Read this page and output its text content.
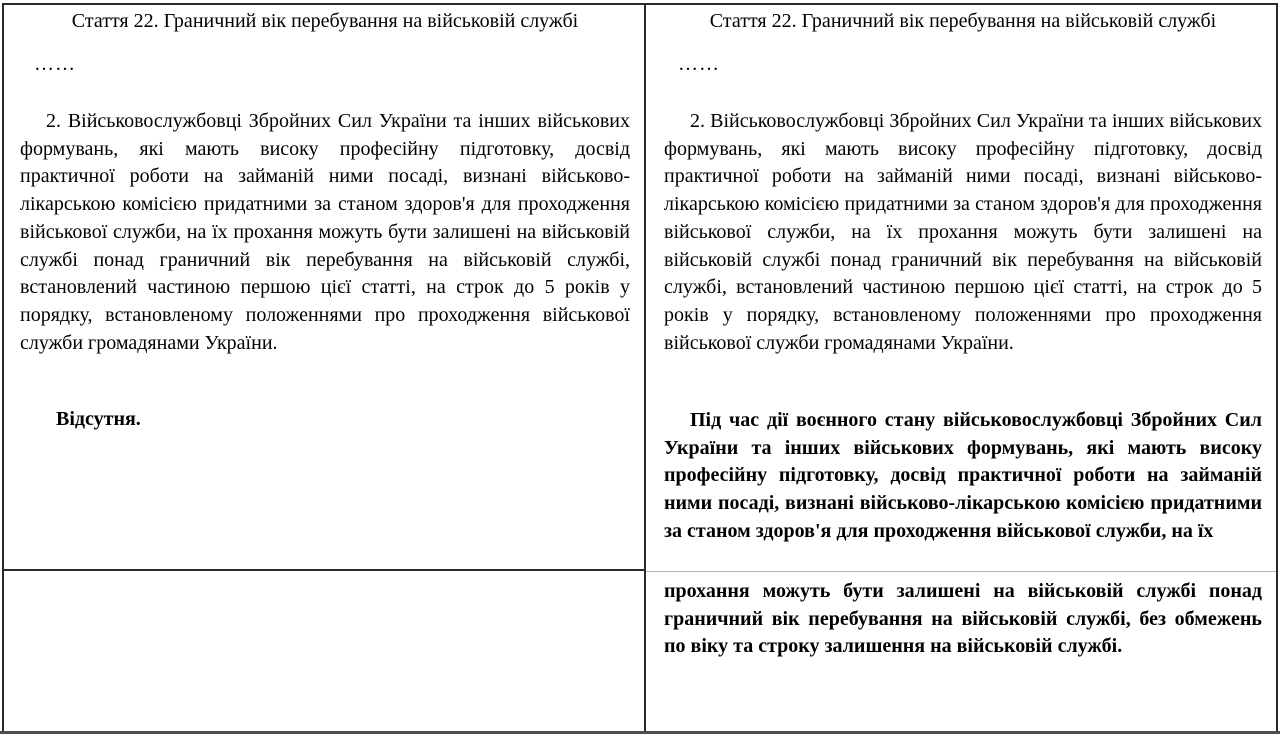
Стаття 22. Граничний вік перебування на військовій службі
……
2. Військовослужбовці Збройних Сил України та інших військових формувань, які мають високу професійну підготовку, досвід практичної роботи на займаній ними посаді, визнані військово-лікарською комісією придатними за станом здоров'я для проходження військової служби, на їх прохання можуть бути залишені на військовій службі понад граничний вік перебування на військовій службі, встановлений частиною першою цієї статті, на строк до 5 років у порядку, встановленому положеннями про проходження військової служби громадянами України.
Відсутня.
Стаття 22. Граничний вік перебування на військовій службі
……
2. Військовослужбовці Збройних Сил України та інших військових формувань, які мають високу професійну підготовку, досвід практичної роботи на займаній ними посаді, визнані військово-лікарською комісією придатними за станом здоров'я для проходження військової служби, на їх прохання можуть бути залишені на військовій службі понад граничний вік перебування на військовій службі, встановлений частиною першою цієї статті, на строк до 5 років у порядку, встановленому положеннями про проходження військової служби громадянами України.
Під час дії воєнного стану військовослужбовці Збройних Сил України та інших військових формувань, які мають високу професійну підготовку, досвід практичної роботи на займаній ними посаді, визнані військово-лікарською комісією придатними за станом здоров'я для проходження військової служби, на їх
прохання можуть бути залишені на військовій службі понад граничний вік перебування на військовій службі, без обмежень по віку та строку залишення на військовій службі.
